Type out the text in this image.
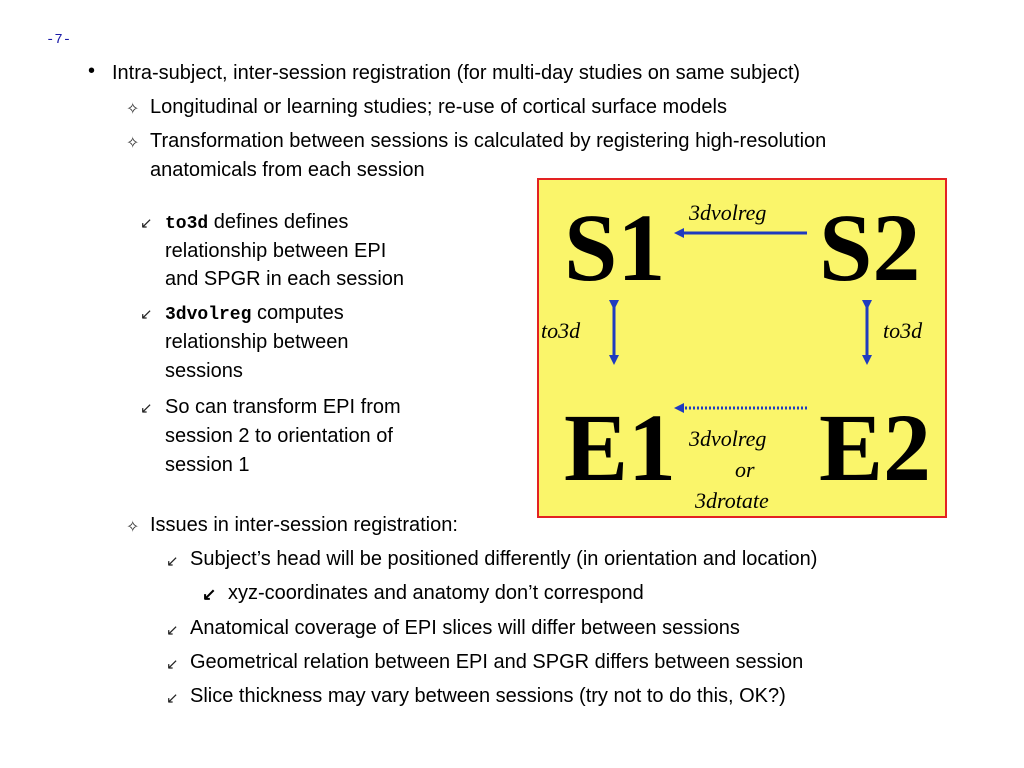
-7-
• Intra-subject, inter-session registration (for multi-day studies on same subject)
✧ Longitudinal or learning studies; re-use of cortical surface models
✧ Transformation between sessions is calculated by registering high-resolution
anatomicals from each session
↙ to3d defines defines
relationship between EPI
and SPGR in each session
↙ 3dvolreg computes
relationship between
sessions
↙ So can transform EPI from
session 2 to orientation of
session 1
S1 S2
E1 E2
3dvolreg
to3d	to3d
3dvolreg
or
3drotate
✧ Issues in inter-session registration:
↙ Subject’s head will be positioned differently (in orientation and location)
↙ xyz-coordinates and anatomy don’t correspond
↙ Anatomical coverage of EPI slices will differ between sessions
↙ Geometrical relation between EPI and SPGR differs between session
↙ Slice thickness may vary between sessions (try not to do this, OK?)
